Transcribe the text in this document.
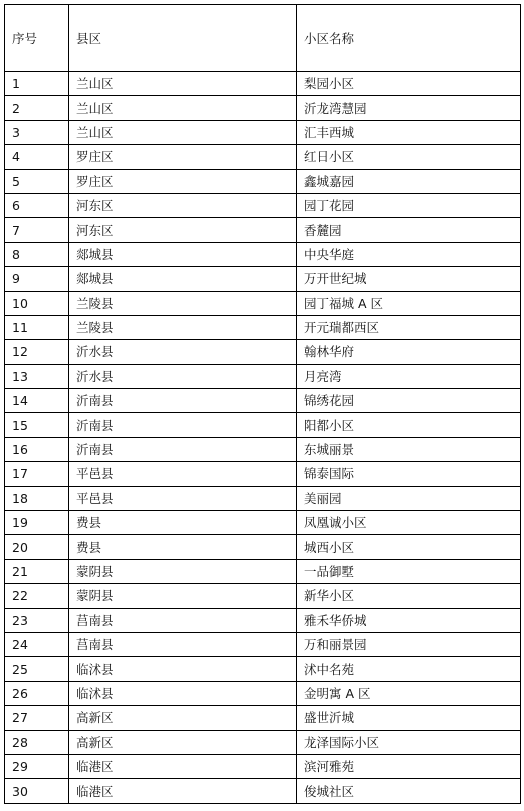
序号	县区	小区名称
1	兰山区	梨园小区
2	兰山区	沂龙湾慧园
3	兰山区	汇丰西城
4	罗庄区	红日小区
5	罗庄区	鑫城嘉园
6	河东区	园丁花园
7	河东区	香麓园
8	郯城县	中央华庭
9	郯城县	万开世纪城
10	兰陵县	园丁福城 A 区
11	兰陵县	开元瑞都西区
12	沂水县	翰林华府
13	沂水县	月亮湾
14	沂南县	锦绣花园
15	沂南县	阳都小区
16	沂南县	东城丽景
17	平邑县	锦泰国际
18	平邑县	美丽园
19	费县	凤凰诚小区
20	费县	城西小区
21	蒙阴县	一品御墅
22	蒙阴县	新华小区
23	莒南县	雅禾华侨城
24	莒南县	万和丽景园
25	临沭县	沭中名苑
26	临沭县	金明寓 A 区
27	高新区	盛世沂城
28	高新区	龙泽国际小区
29	临港区	滨河雅苑
30	临港区	俊城社区
